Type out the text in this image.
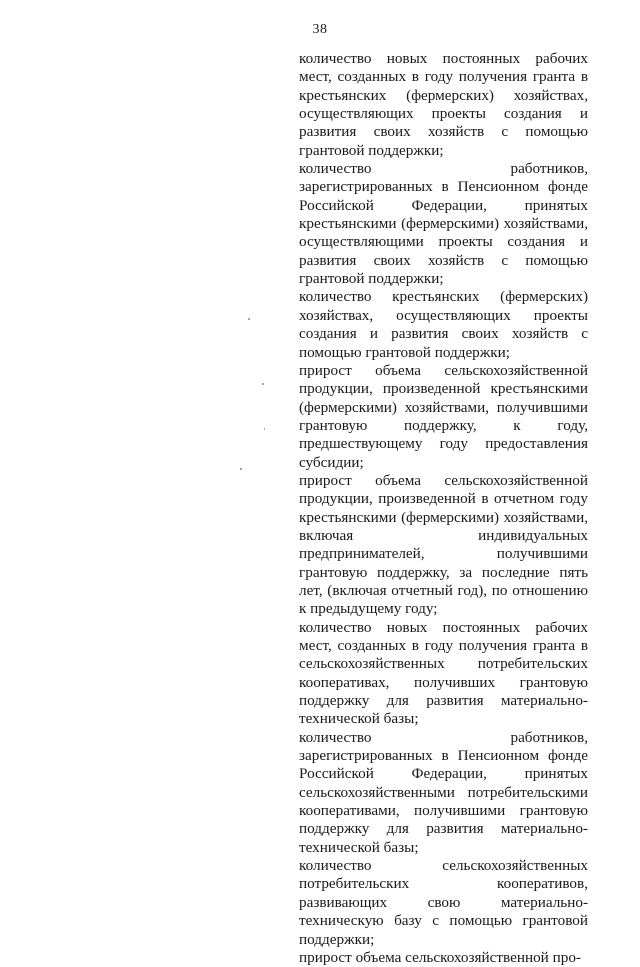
38

количество новых постоянных рабочих мест, созданных в году получения гранта в крестьянских (фермерских) хозяйствах, осуществляющих проекты создания и развития своих хозяйств с помощью грантовой поддержки;

количество работников, зарегистрированных в Пенсионном фонде Российской Федерации, принятых крестьянскими (фермерскими) хозяйствами, осуществляющими проекты создания и развития своих хозяйств с помощью грантовой поддержки;

количество крестьянских (фермерских) хозяйствах, осуществляющих проекты создания и развития своих хозяйств с помощью грантовой поддержки;

прирост объема сельскохозяйственной продукции, произведенной крестьянскими (фермерскими) хозяйствами, получившими грантовую поддержку, к году, предшествующему году предоставления субсидии;

прирост объема сельскохозяйственной продукции, произведенной в отчетном году крестьянскими (фермерскими) хозяйствами, включая индивидуальных предпринимателей, получившими грантовую поддержку, за последние пять лет, (включая отчетный год), по отношению к предыдущему году;

количество новых постоянных рабочих мест, созданных в году получения гранта в сельскохозяйственных потребительских кооперативах, получивших грантовую поддержку для развития материально-технической базы;

количество работников, зарегистрированных в Пенсионном фонде Российской Федерации, принятых сельскохозяйственными потребительскими кооперативами, получившими грантовую поддержку для развития материально-технической базы;

количество сельскохозяйственных потребительских кооперативов, развивающих свою материально-техническую базу с помощью грантовой поддержки;

прирост объема сельскохозяйственной про-
